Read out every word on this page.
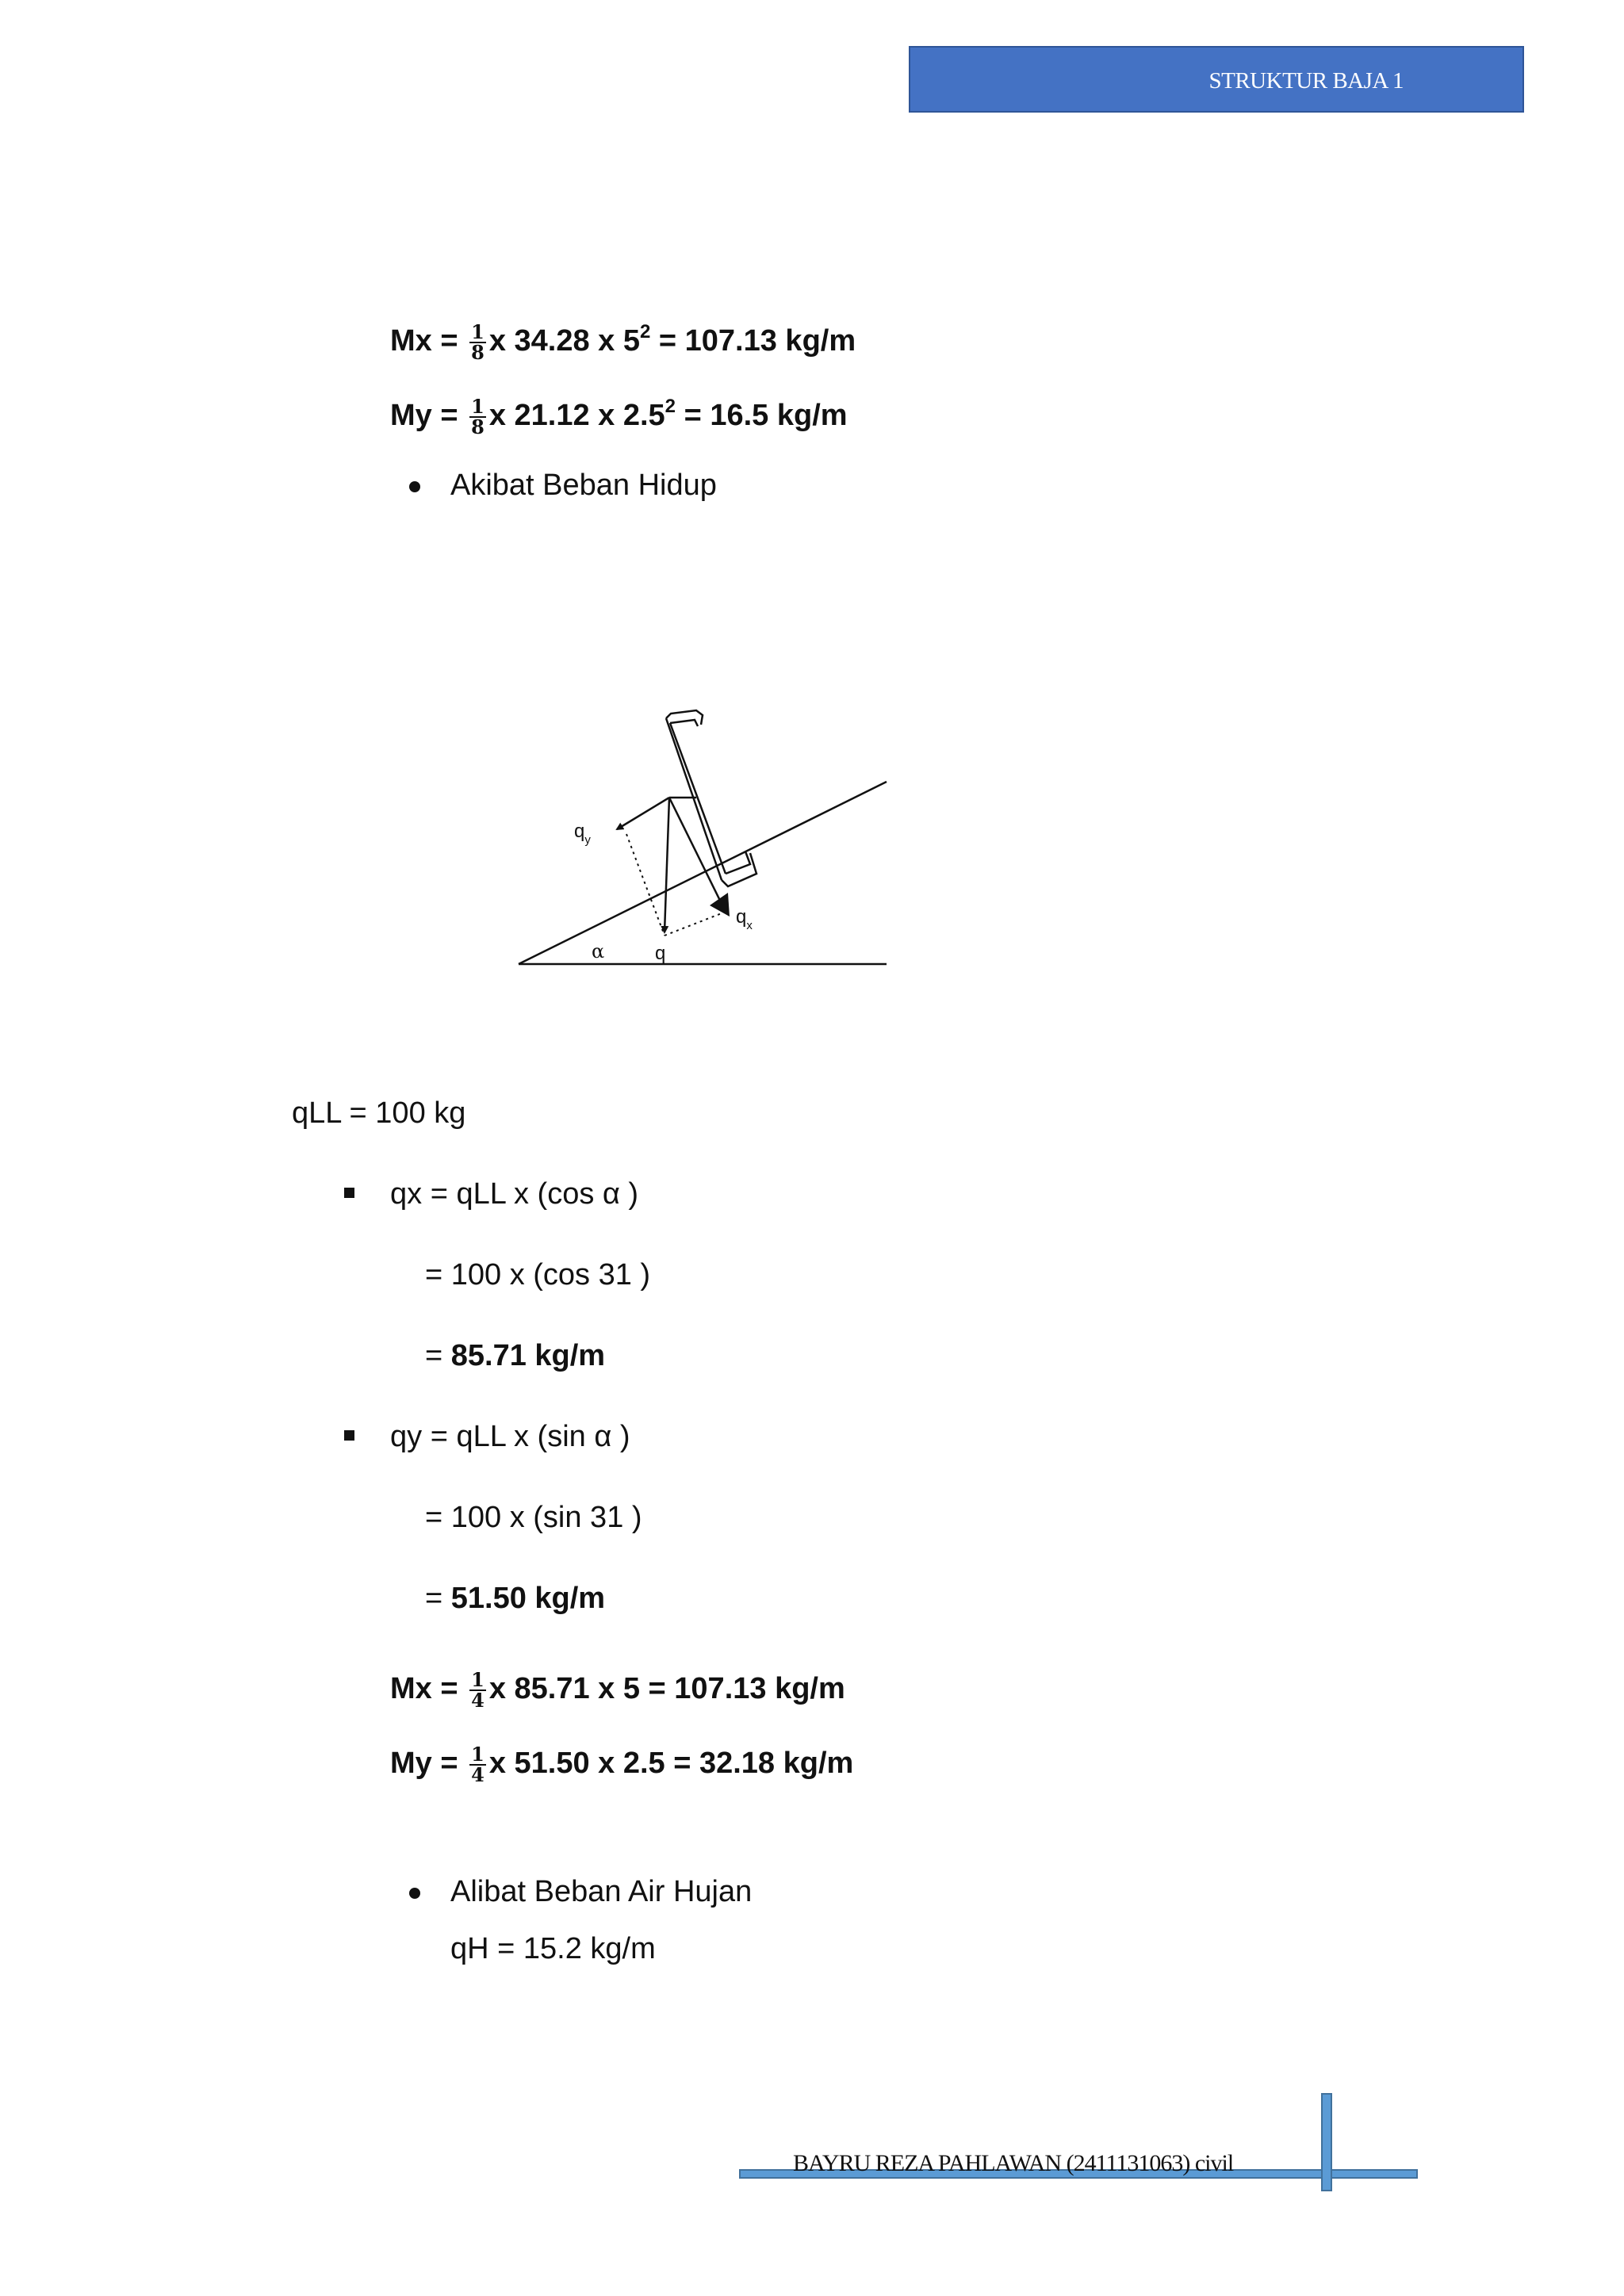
STRUKTUR BAJA 1
$Mx = \frac{1}{8}$ x 34.28 x $5^2 = 107.13$ kg/m
$My = \frac{1}{8}$ x 21.12 x $2.5^2 = 16.5$ kg/m
Akibat Beban Hidup
$q_y$
$q_x$
q
α
qLL = 100 kg
qx = qLL x (cos α )
= 100 x (cos 31 )
= 85.71 kg/m
qy = qLL x (sin α )
= 100 x (sin 31 )
= 51.50 kg/m
$Mx = \frac{1}{4}$ x 85.71 x 5 = 107.13 kg/m
$My = \frac{1}{4}$ x 51.50 x 2.5 = 32.18 kg/m
Alibat Beban Air Hujan
qH = 15.2 kg/m
BAYRU REZA PAHLAWAN (2411131063) civil
